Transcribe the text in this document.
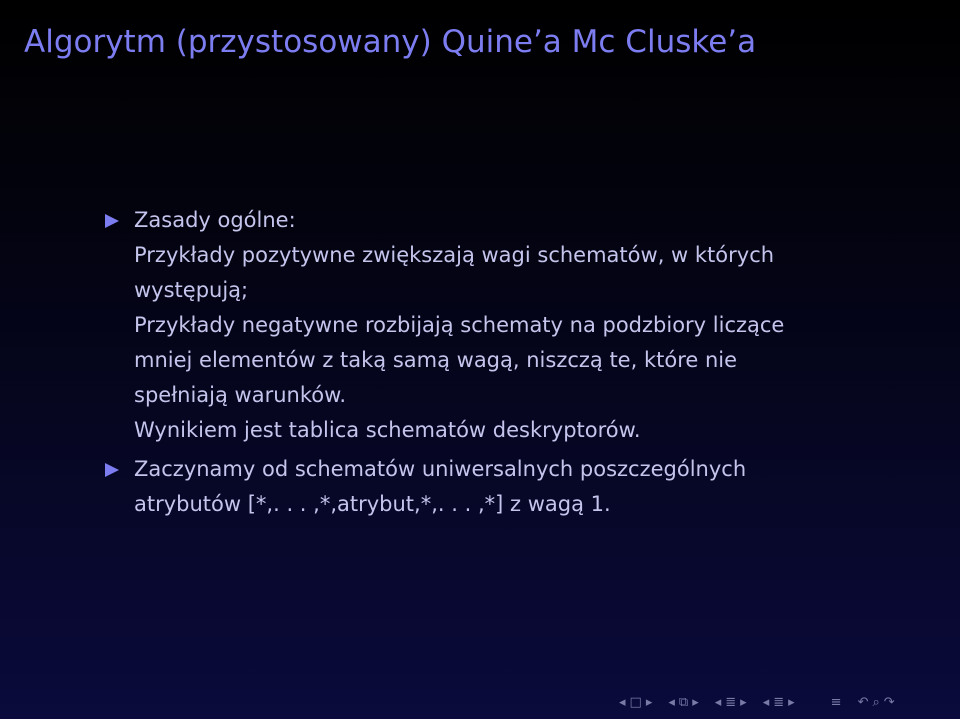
Algorytm (przystosowany) Quine’a Mc Cluske’a
Zasady ogólne:
Przykłady pozytywne zwiększają wagi schematów, w których
występują;
Przykłady negatywne rozbijają schematy na podzbiory liczące
mniej elementów z taką samą wagą, niszczą te, które nie
spełniają warunków.
Wynikiem jest tablica schematów deskryptorów.
Zaczynamy od schematów uniwersalnych poszczególnych
atrybutów [*,. . . ,*,atrybut,*,. . . ,*] z wagą 1.
◂ □ ▸ ◂ ⧉ ▸ ◂ ≣ ▸ ◂ ≣ ▸	≡ ↶ ⌕ ↷
